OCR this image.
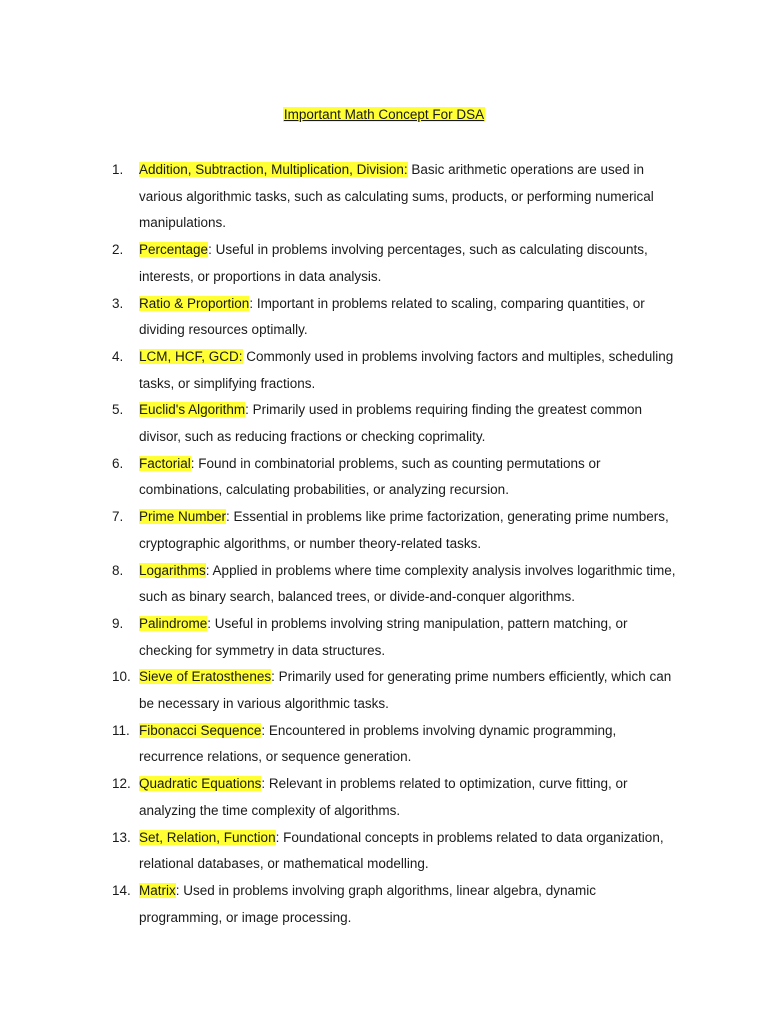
Important Math Concept For DSA
1. Addition, Subtraction, Multiplication, Division: Basic arithmetic operations are used in various algorithmic tasks, such as calculating sums, products, or performing numerical manipulations.
2. Percentage: Useful in problems involving percentages, such as calculating discounts, interests, or proportions in data analysis.
3. Ratio & Proportion: Important in problems related to scaling, comparing quantities, or dividing resources optimally.
4. LCM, HCF, GCD: Commonly used in problems involving factors and multiples, scheduling tasks, or simplifying fractions.
5. Euclid's Algorithm: Primarily used in problems requiring finding the greatest common divisor, such as reducing fractions or checking coprimality.
6. Factorial: Found in combinatorial problems, such as counting permutations or combinations, calculating probabilities, or analyzing recursion.
7. Prime Number: Essential in problems like prime factorization, generating prime numbers, cryptographic algorithms, or number theory-related tasks.
8. Logarithms: Applied in problems where time complexity analysis involves logarithmic time, such as binary search, balanced trees, or divide-and-conquer algorithms.
9. Palindrome: Useful in problems involving string manipulation, pattern matching, or checking for symmetry in data structures.
10. Sieve of Eratosthenes: Primarily used for generating prime numbers efficiently, which can be necessary in various algorithmic tasks.
11. Fibonacci Sequence: Encountered in problems involving dynamic programming, recurrence relations, or sequence generation.
12. Quadratic Equations: Relevant in problems related to optimization, curve fitting, or analyzing the time complexity of algorithms.
13. Set, Relation, Function: Foundational concepts in problems related to data organization, relational databases, or mathematical modelling.
14. Matrix: Used in problems involving graph algorithms, linear algebra, dynamic programming, or image processing.
